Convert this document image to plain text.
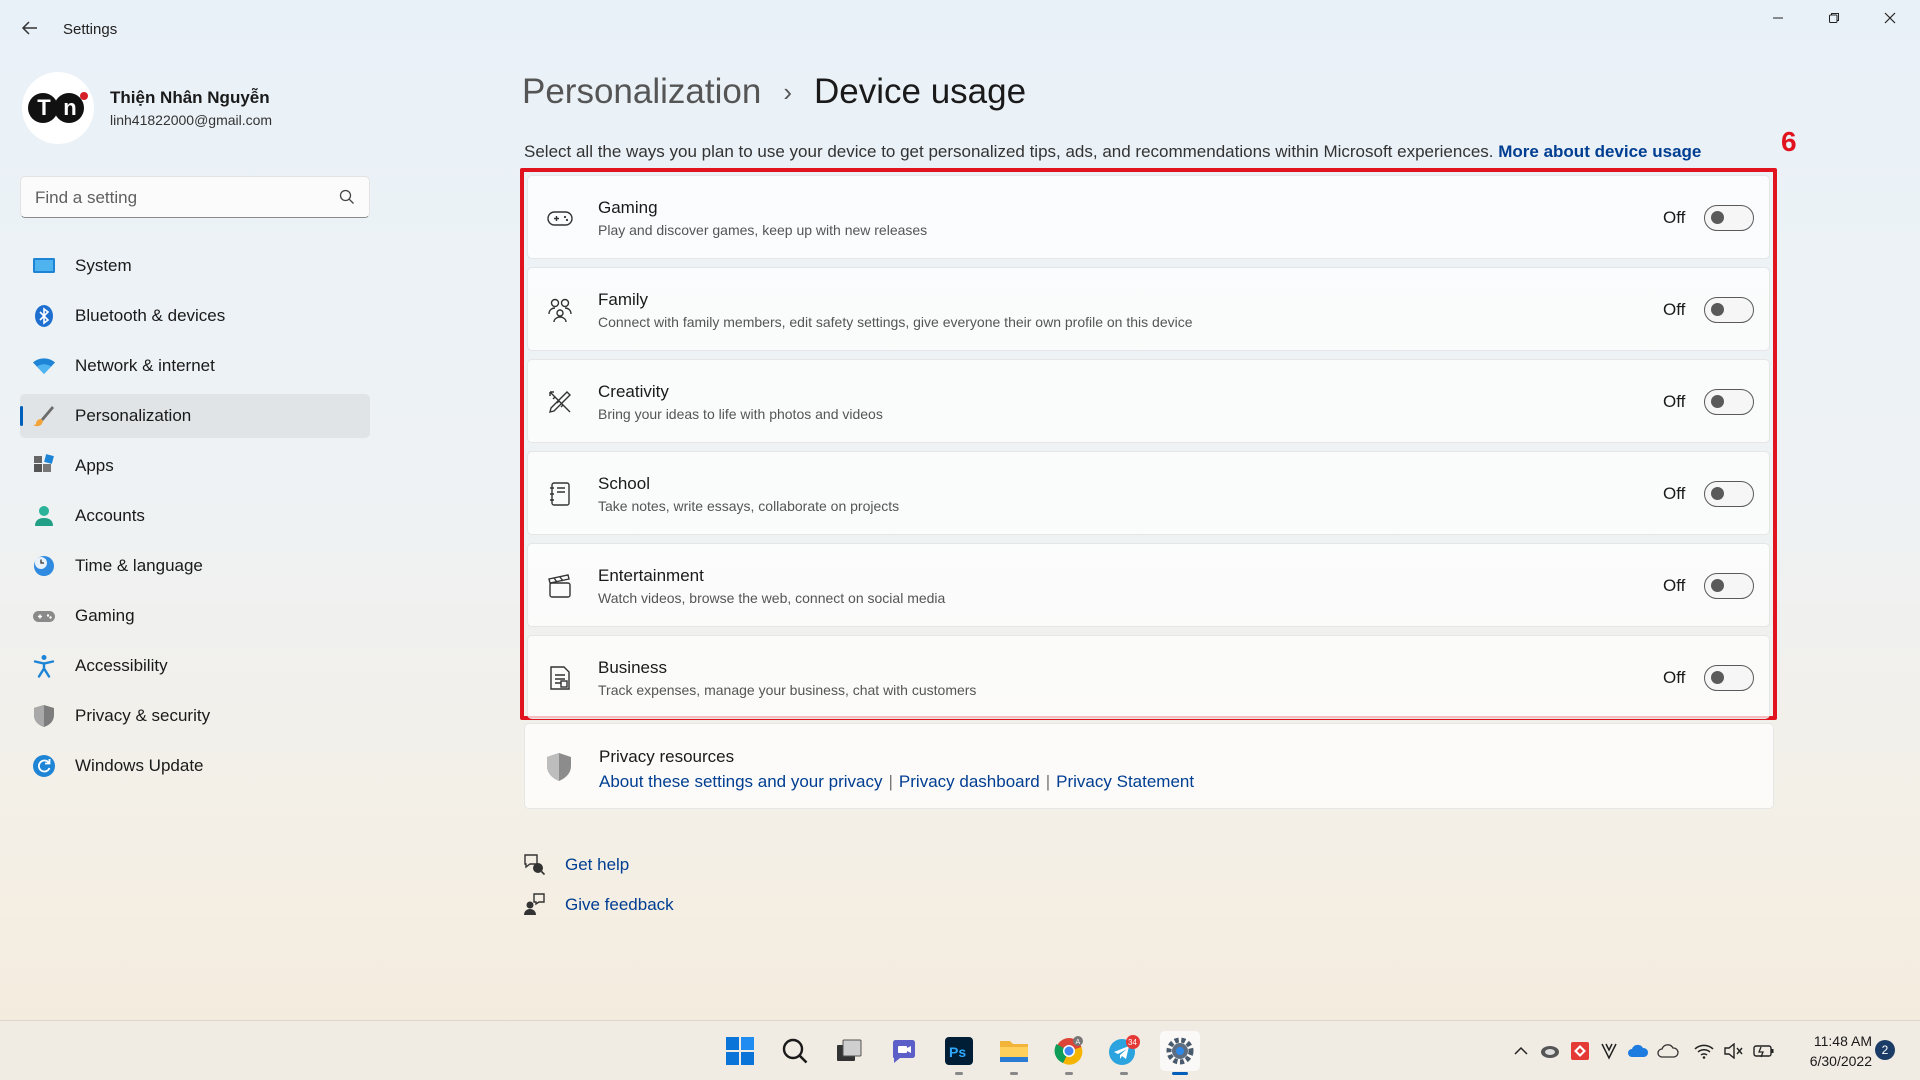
Settings
T n	Thiện Nhân Nguyễn
linh41822000@gmail.com
Find a setting
System
Bluetooth & devices
Network & internet
Personalization
Apps
Accounts
Time & language
Gaming
Accessibility
Privacy & security
Windows Update
Personalization › Device usage
Select all the ways you plan to use your device to get personalized tips, ads, and recommendations within Microsoft experiences. More about device usage	6
Gaming
Play and discover games, keep up with new releases
Off
Family
Connect with family members, edit safety settings, give everyone their own profile on this device
Off
Creativity
Bring your ideas to life with photos and videos
Off
School
Take notes, write essays, collaborate on projects
Off
Entertainment
Watch videos, browse the web, connect on social media
Off
Business
Track expenses, manage your business, chat with customers
Off
Privacy resources
About these settings and your privacy | Privacy dashboard | Privacy Statement
Get help
Give feedback
Ps
A	34	11:48 AM
6/30/2022
2
